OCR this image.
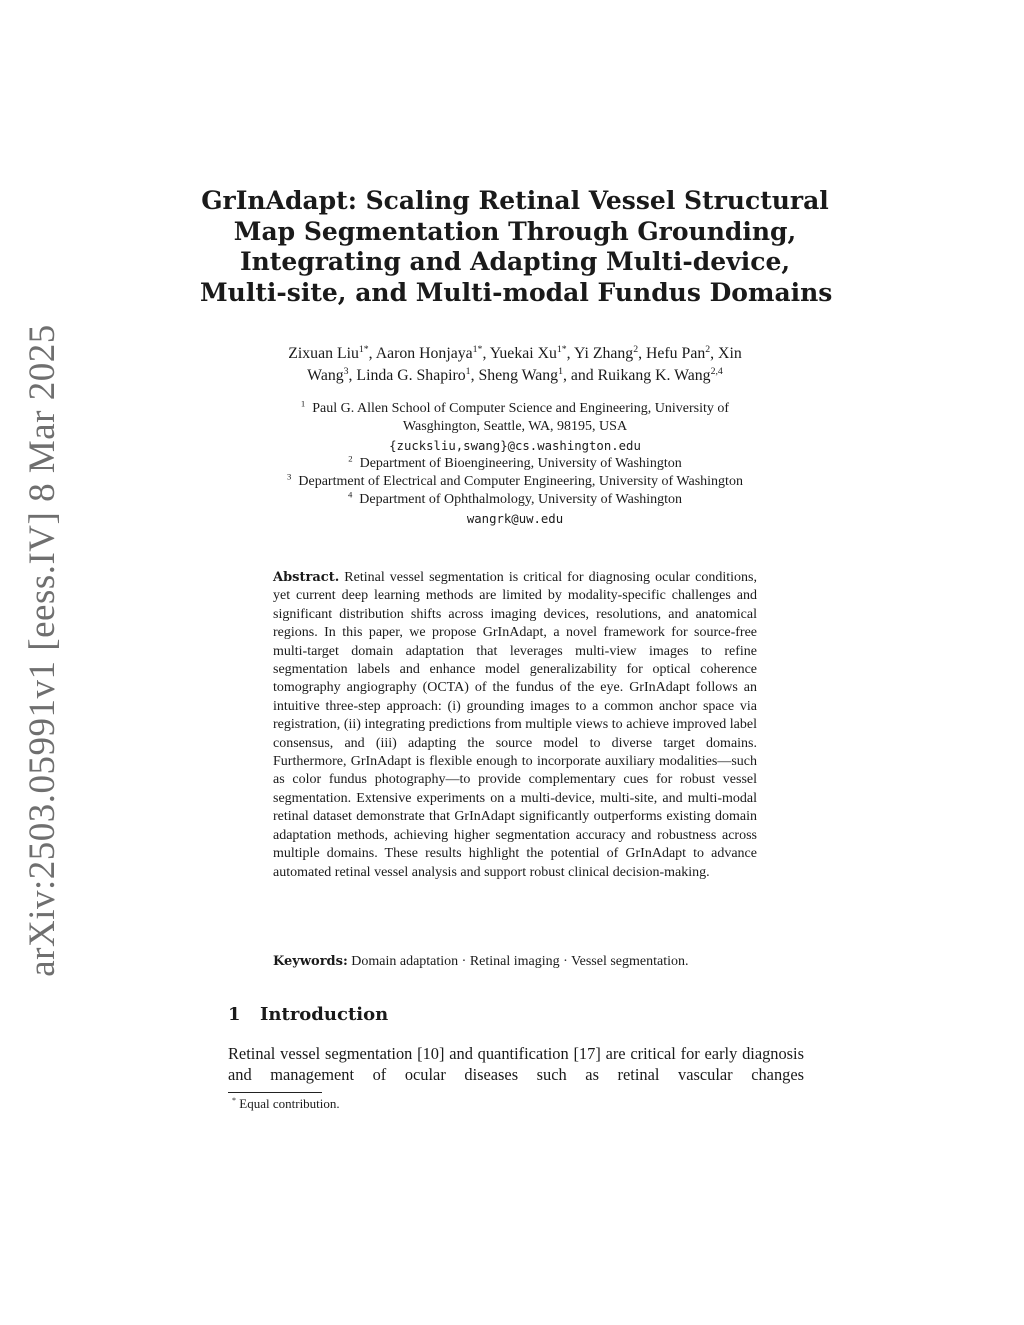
arXiv:2503.05991v1 [eess.IV] 8 Mar 2025
GrInAdapt: Scaling Retinal Vessel Structural
Map Segmentation Through Grounding,
Integrating and Adapting Multi-device,
Multi-site, and Multi-modal Fundus Domains
Zixuan Liu$^{1*}$, Aaron Honjaya$^{1*}$, Yuekai $Xu^{1*}$, Yi Zhang$^2$, Hefu Pan$^2$, Xin
Wang$^3$, Linda G. Shapiro$^1$, Sheng Wang$^1$, and Ruikang K. Wang$^{2,4}$
$^1$ Paul G. Allen School of Computer Science and Engineering, University of
Wasghington, Seattle, WA, 98195, USA
{zucksliu,swang}@cs.washington.edu
$^2$ Department of Bioengineering, University of Washington
$^3$ Department of Electrical and Computer Engineering, University of Washington
$^4$ Department of Ophthalmology, University of Washington
wangrk@uw.edu
Abstract. Retinal vessel segmentation is critical for diagnosing ocular conditions, yet current deep learning methods are limited by modality-specific challenges and significant distribution shifts across imaging devices, resolutions, and anatomical regions. In this paper, we propose GrInAdapt, a novel framework for source-free multi-target domain adaptation that leverages multi-view images to refine segmentation labels and enhance model generalizability for optical coherence tomography angiography (OCTA) of the fundus of the eye. GrInAdapt follows an intuitive three-step approach: (i) grounding images to a common anchor space via registration, (ii) integrating predictions from multiple views to achieve improved label consensus, and (iii) adapting the source model to diverse target domains. Furthermore, GrInAdapt is flexible enough to incorporate auxiliary modalities—such as color fundus photography—to provide complementary cues for robust vessel segmentation. Extensive experiments on a multi-device, multi-site, and multi-modal retinal dataset demonstrate that GrInAdapt significantly outperforms existing domain adaptation methods, achieving higher segmentation accuracy and robustness across multiple domains. These results highlight the potential of GrInAdapt to advance automated retinal vessel analysis and support robust clinical decision-making.
Keywords: Domain adaptation · Retinal imaging · Vessel segmentation.
1 Introduction
Retinal vessel segmentation [10] and quantification [17] are critical for early diagnosis and management of ocular diseases such as retinal vascular changes
* Equal contribution.
